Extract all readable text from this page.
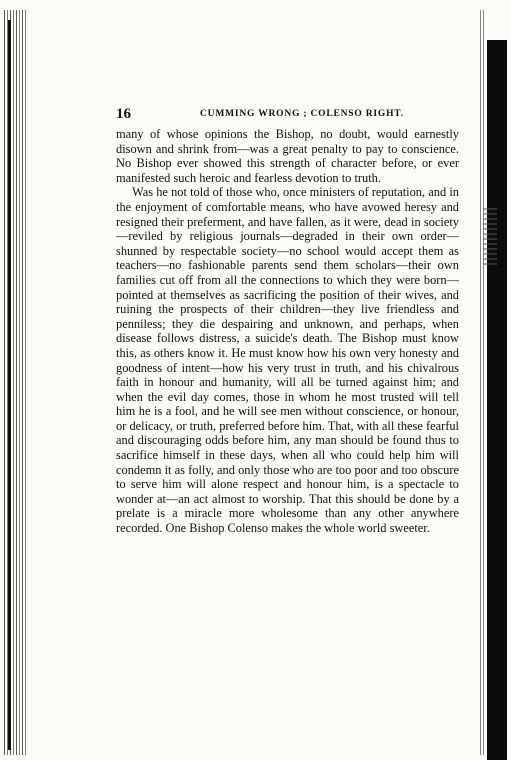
16	CUMMING WRONG ; COLENSO RIGHT.

many of whose opinions the Bishop, no doubt, would earnestly disown and shrink from—was a great penalty to pay to conscience. No Bishop ever showed this strength of character before, or ever manifested such heroic and fearless devotion to truth.

Was he not told of those who, once ministers of reputation, and in the enjoyment of comfortable means, who have avowed heresy and resigned their preferment, and have fallen, as it were, dead in society—reviled by religious journals—degraded in their own order—shunned by respectable society—no school would accept them as teachers—no fashionable parents send them scholars—their own families cut off from all the connections to which they were born—pointed at themselves as sacrificing the position of their wives, and ruining the prospects of their children—they live friendless and penniless; they die despairing and unknown, and perhaps, when disease follows distress, a suicide's death. The Bishop must know this, as others know it. He must know how his own very honesty and goodness of intent—how his very trust in truth, and his chivalrous faith in honour and humanity, will all be turned against him; and when the evil day comes, those in whom he most trusted will tell him he is a fool, and he will see men without conscience, or honour, or delicacy, or truth, preferred before him. That, with all these fearful and discouraging odds before him, any man should be found thus to sacrifice himself in these days, when all who could help him will condemn it as folly, and only those who are too poor and too obscure to serve him will alone respect and honour him, is a spectacle to wonder at—an act almost to worship. That this should be done by a prelate is a miracle more wholesome than any other anywhere recorded. One Bishop Colenso makes the whole world sweeter.
